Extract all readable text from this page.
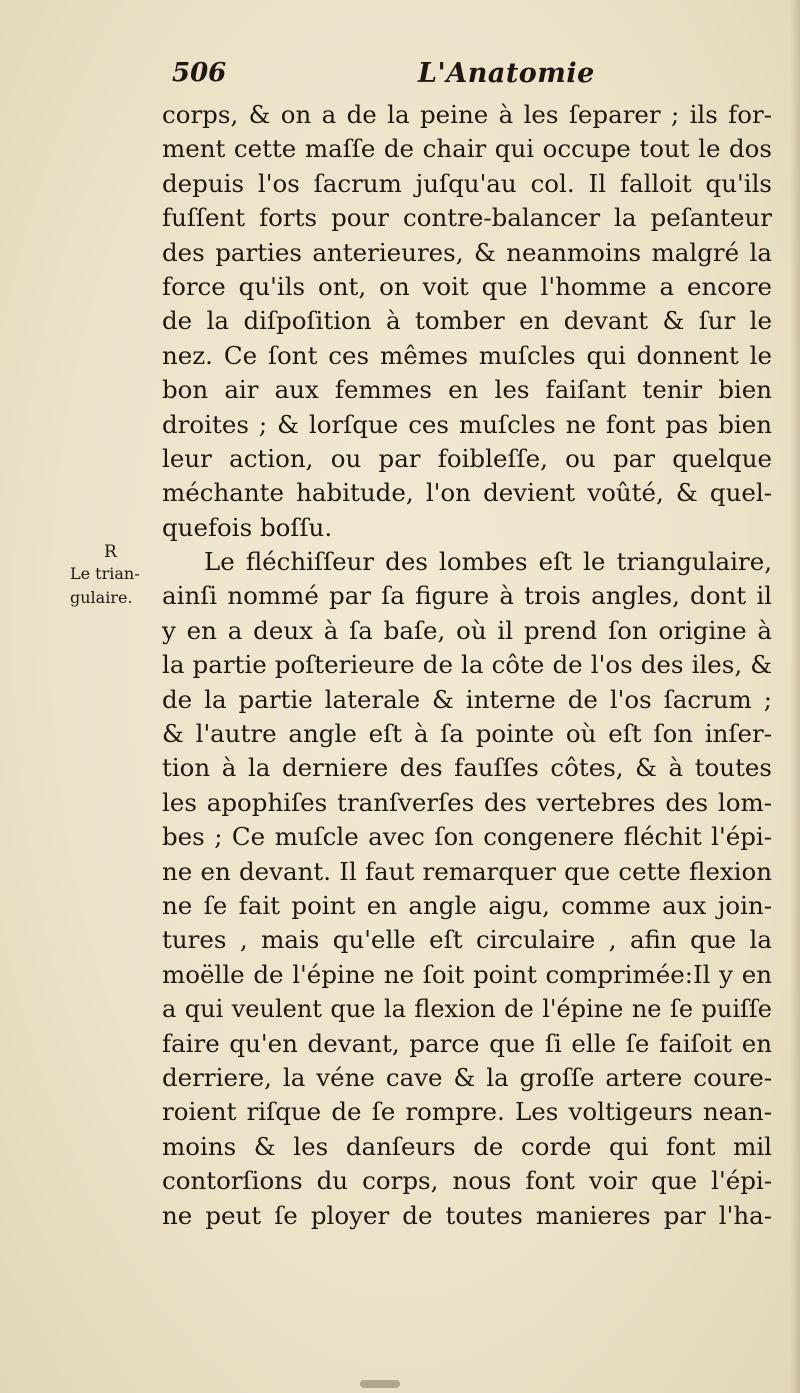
506	L'Anatomie
R
Le trian-
gulaire.
corps, & on a de la peine à les ſeparer ; ils for-
ment cette maſſe de chair qui occupe tout le dos
depuis l'os ſacrum juſqu'au col. Il falloit qu'ils
fuſſent forts pour contre-balancer la peſanteur
des parties anterieures, & neanmoins malgré la
force qu'ils ont, on voit que l'homme a encore
de la diſpoſition à tomber en devant & ſur le
nez. Ce ſont ces mêmes muſcles qui donnent le
bon air aux femmes en les faiſant tenir bien
droites ; & lorſque ces muſcles ne font pas bien
leur action, ou par foibleſſe, ou par quelque
méchante habitude, l'on devient voûté, & quel-
quefois boſſu.
Le fléchiſſeur des lombes eſt le triangulaire,
ainſi nommé par ſa figure à trois angles, dont il
y en a deux à ſa baſe, où il prend ſon origine à
la partie poſterieure de la côte de l'os des iles, &
de la partie laterale & interne de l'os ſacrum ;
& l'autre angle eſt à ſa pointe où eſt ſon inſer-
tion à la derniere des fauſſes côtes, & à toutes
les apophiſes tranſverſes des vertebres des lom-
bes ; Ce muſcle avec ſon congenere fléchit l'épi-
ne en devant. Il faut remarquer que cette flexion
ne ſe fait point en angle aigu, comme aux join-
tures , mais qu'elle eſt circulaire , afin que la
moëlle de l'épine ne ſoit point comprimée:Il y en
a qui veulent que la flexion de l'épine ne ſe puiſſe
faire qu'en devant, parce que ſi elle ſe faiſoit en
derriere, la véne cave & la groſſe artere coure-
roient riſque de ſe rompre. Les voltigeurs nean-
moins & les danſeurs de corde qui font mil
contorſions du corps, nous font voir que l'épi-
ne peut ſe ployer de toutes manieres par l'ha-
